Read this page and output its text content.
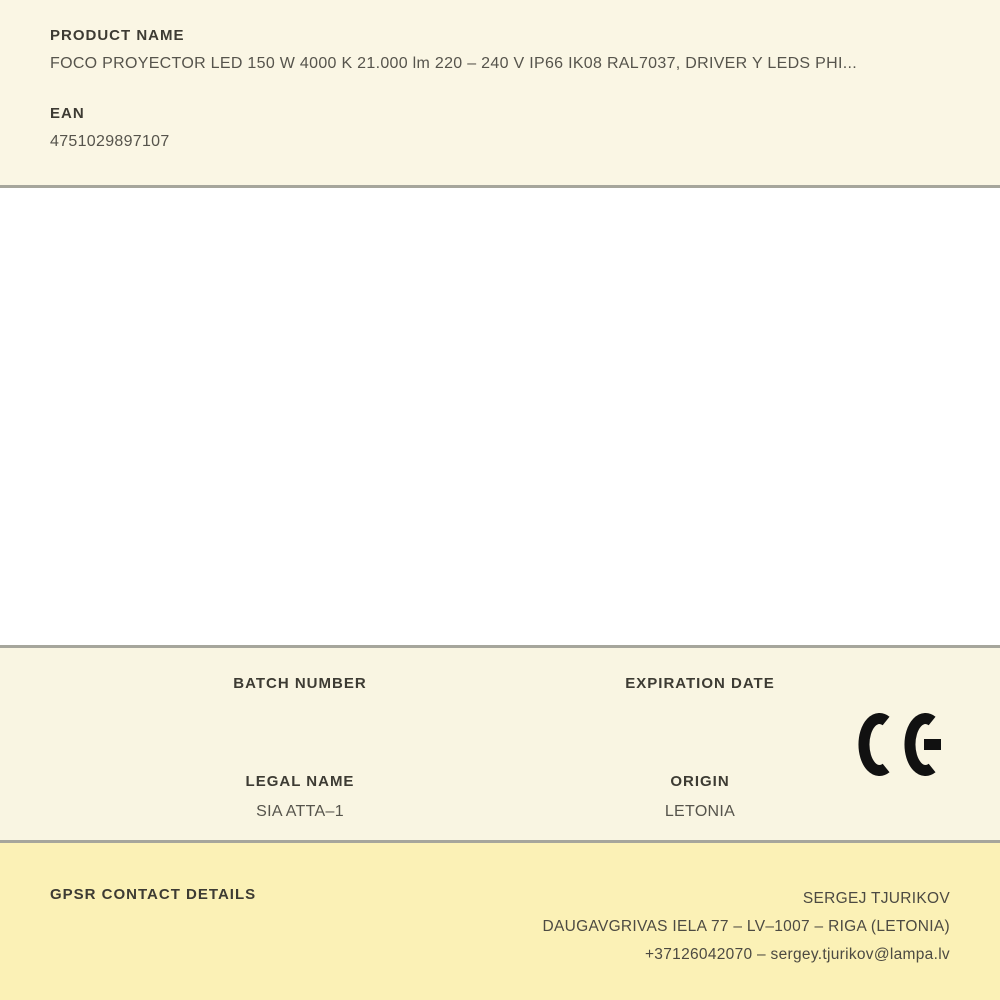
PRODUCT NAME
FOCO PROYECTOR LED 150 W 4000 K 21.000 lm 220 – 240 V IP66 IK08 RAL7037, DRIVER Y LEDS PHI...
EAN
4751029897107
BATCH NUMBER	EXPIRATION DATE
LEGAL NAME
SIA ATTA–1
ORIGIN
LETONIA
GPSR CONTACT DETAILS	SERGEJ TJURIKOV
DAUGAVGRIVAS IELA 77 – LV–1007 – RIGA (LETONIA)
+37126042070 – sergey.tjurikov@lampa.lv
